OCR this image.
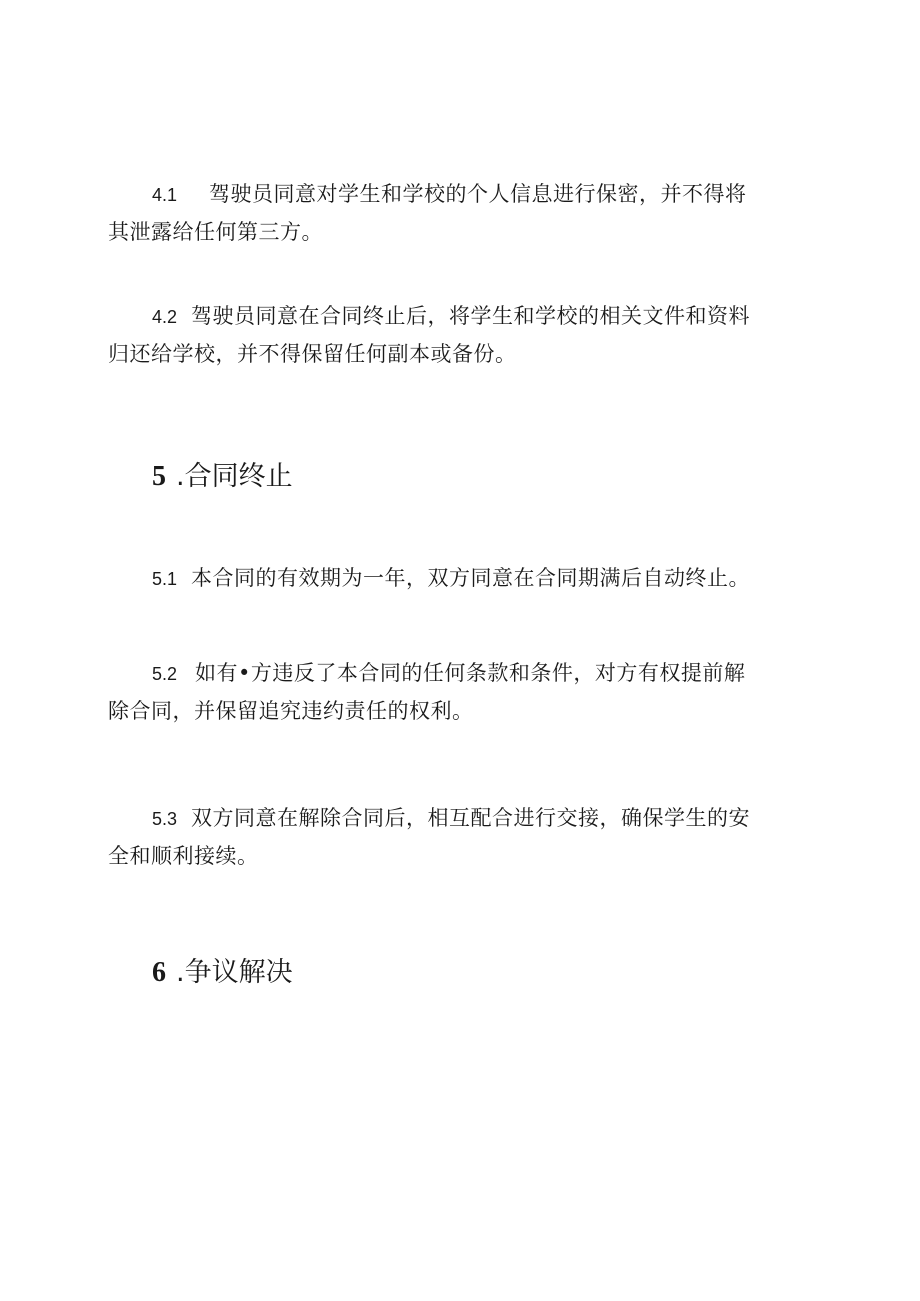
4.1 驾驶员同意对学生和学校的个人信息进行保密，并不得将
其泄露给任何第三方。

4.2 驾驶员同意在合同终止后，将学生和学校的相关文件和资料
归还给学校，并不得保留任何副本或备份。

5 .合同终止

5.1 本合同的有效期为一年，双方同意在合同期满后自动终止。

5.2 如有•方违反了本合同的任何条款和条件，对方有权提前解
除合同，并保留追究违约责任的权利。

5.3 双方同意在解除合同后，相互配合进行交接，确保学生的安
全和顺利接续。

6 .争议解决
